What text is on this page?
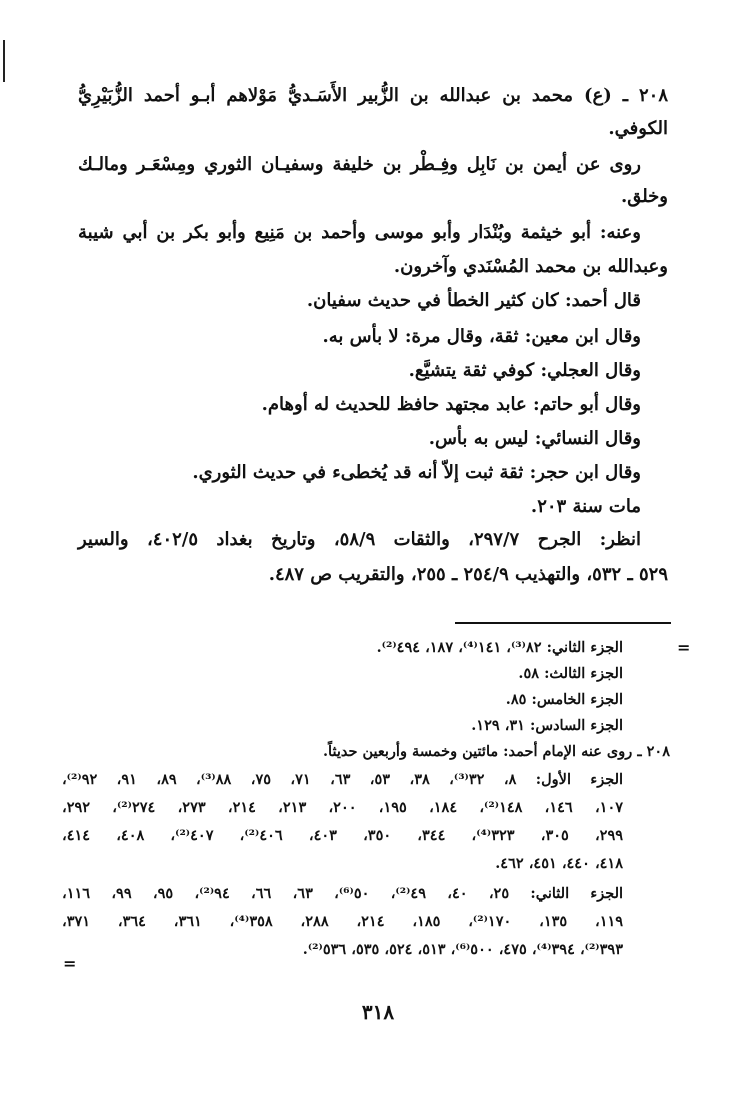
٢٠٨ ـ (ع) محمد بن عبدالله بن الزُّبير الأَسَـديُّ مَوْلاهم أبـو أحمد الزُّبَيْرِيُّ
الكوفي.
روى عن أيمن بن نَابِل وفِـطْر بن خليفة وسفيـان الثوري ومِسْعَـر ومالـك
وخلق.
وعنه: أبو خيثمة وبُنْدَار وأبو موسى وأحمد بن مَنِيع وأبو بكر بن أبي شيبة
وعبدالله بن محمد المُسْنَدي وآخرون.
قال أحمد: كان كثير الخطأ في حديث سفيان.
وقال ابن معين: ثقة، وقال مرة: لا بأس به.
وقال العجلي: كوفي ثقة يتشيَّع.
وقال أبو حاتم: عابد مجتهد حافظ للحديث له أوهام.
وقال النسائي: ليس به بأس.
وقال ابن حجر: ثقة ثبت إلاّ أنه قد يُخطىء في حديث الثوري.
مات سنة ٢٠٣.
انظر: الجرح ٢٩٧/٧، والثقات ٥٨/٩، وتاريخ بغداد ٤٠٢/٥، والسير
٥٢٩ ـ ٥٣٢، والتهذيب ٢٥٤/٩ ـ ٢٥٥، والتقريب ص ٤٨٧.
=
الجزء الثاني: ٨٢⁽³⁾، ١٤١⁽⁴⁾، ١٨٧، ٤٩٤⁽²⁾.
الجزء الثالث: ٥٨.
الجزء الخامس: ٨٥.
الجزء السادس: ٣١، ١٢٩.
٢٠٨ ـ روى عنه الإمام أحمد: مائتين وخمسة وأربعين حديثاً.
الجزء الأول: ٨، ٣٢⁽³⁾، ٣٨، ٥٣، ٦٣، ٧١، ٧٥، ٨٨⁽³⁾، ٨٩، ٩١، ٩٢⁽²⁾،
١٠٧، ١٤٦، ١٤٨⁽²⁾، ١٨٤، ١٩٥، ٢٠٠، ٢١٣، ٢١٤، ٢٧٣، ٢٧٤⁽²⁾، ٢٩٢،
٢٩٩، ٣٠٥، ٣٢٣⁽⁴⁾، ٣٤٤، ٣٥٠، ٤٠٣، ٤٠٦⁽²⁾، ٤٠٧⁽²⁾، ٤٠٨، ٤١٤،
٤١٨، ٤٤٠، ٤٥١، ٤٦٢.
الجزء الثاني: ٢٥، ٤٠، ٤٩⁽²⁾، ٥٠⁽⁶⁾، ٦٣، ٦٦، ٩٤⁽²⁾، ٩٥، ٩٩، ١١٦،
١١٩، ١٣٥، ١٧٠⁽²⁾، ١٨٥، ٢١٤، ٢٨٨، ٣٥٨⁽⁴⁾، ٣٦١، ٣٦٤، ٣٧١،
٣٩٣⁽²⁾، ٣٩٤⁽⁴⁾، ٤٧٥، ٥٠٠⁽⁶⁾، ٥١٣، ٥٢٤، ٥٣٥، ٥٣٦⁽²⁾.
=
٣١٨
